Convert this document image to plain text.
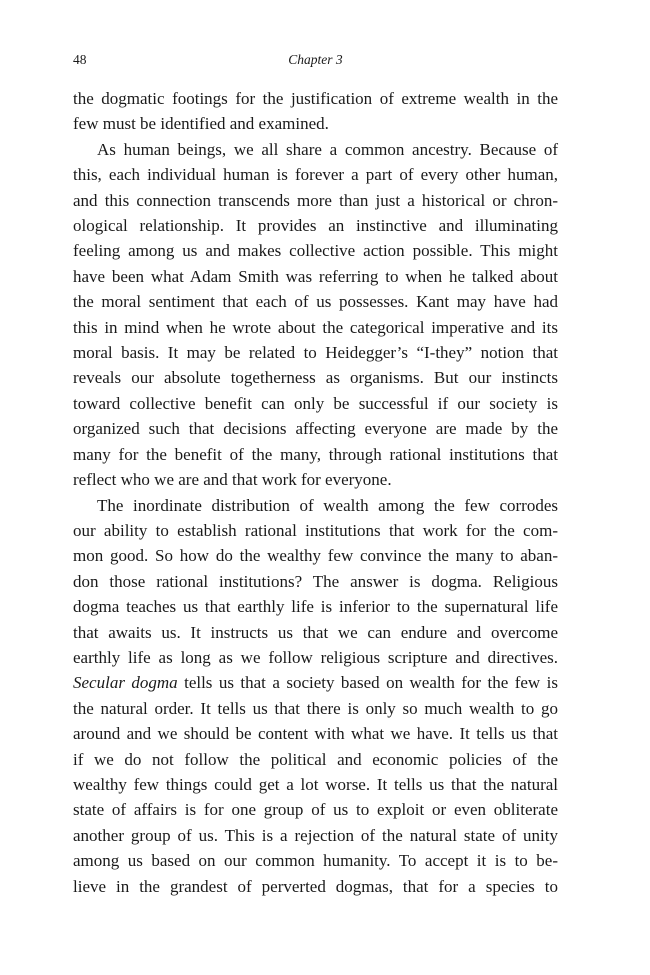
48	Chapter 3
the dogmatic footings for the justification of extreme wealth in the
few must be identified and examined.
As human beings, we all share a common ancestry. Because of
this, each individual human is forever a part of every other human,
and this connection transcends more than just a historical or chron-
ological relationship. It provides an instinctive and illuminating
feeling among us and makes collective action possible. This might
have been what Adam Smith was referring to when he talked about
the moral sentiment that each of us possesses. Kant may have had
this in mind when he wrote about the categorical imperative and its
moral basis. It may be related to Heidegger’s “I-they” notion that
reveals our absolute togetherness as organisms. But our instincts
toward collective benefit can only be successful if our society is
organized such that decisions affecting everyone are made by the
many for the benefit of the many, through rational institutions that
reflect who we are and that work for everyone.
The inordinate distribution of wealth among the few corrodes
our ability to establish rational institutions that work for the com-
mon good. So how do the wealthy few convince the many to aban-
don those rational institutions? The answer is dogma. Religious
dogma teaches us that earthly life is inferior to the supernatural life
that awaits us. It instructs us that we can endure and overcome
earthly life as long as we follow religious scripture and directives.
Secular dogma tells us that a society based on wealth for the few is
the natural order. It tells us that there is only so much wealth to go
around and we should be content with what we have. It tells us that
if we do not follow the political and economic policies of the
wealthy few things could get a lot worse. It tells us that the natural
state of affairs is for one group of us to exploit or even obliterate
another group of us. This is a rejection of the natural state of unity
among us based on our common humanity. To accept it is to be-
lieve in the grandest of perverted dogmas, that for a species to
